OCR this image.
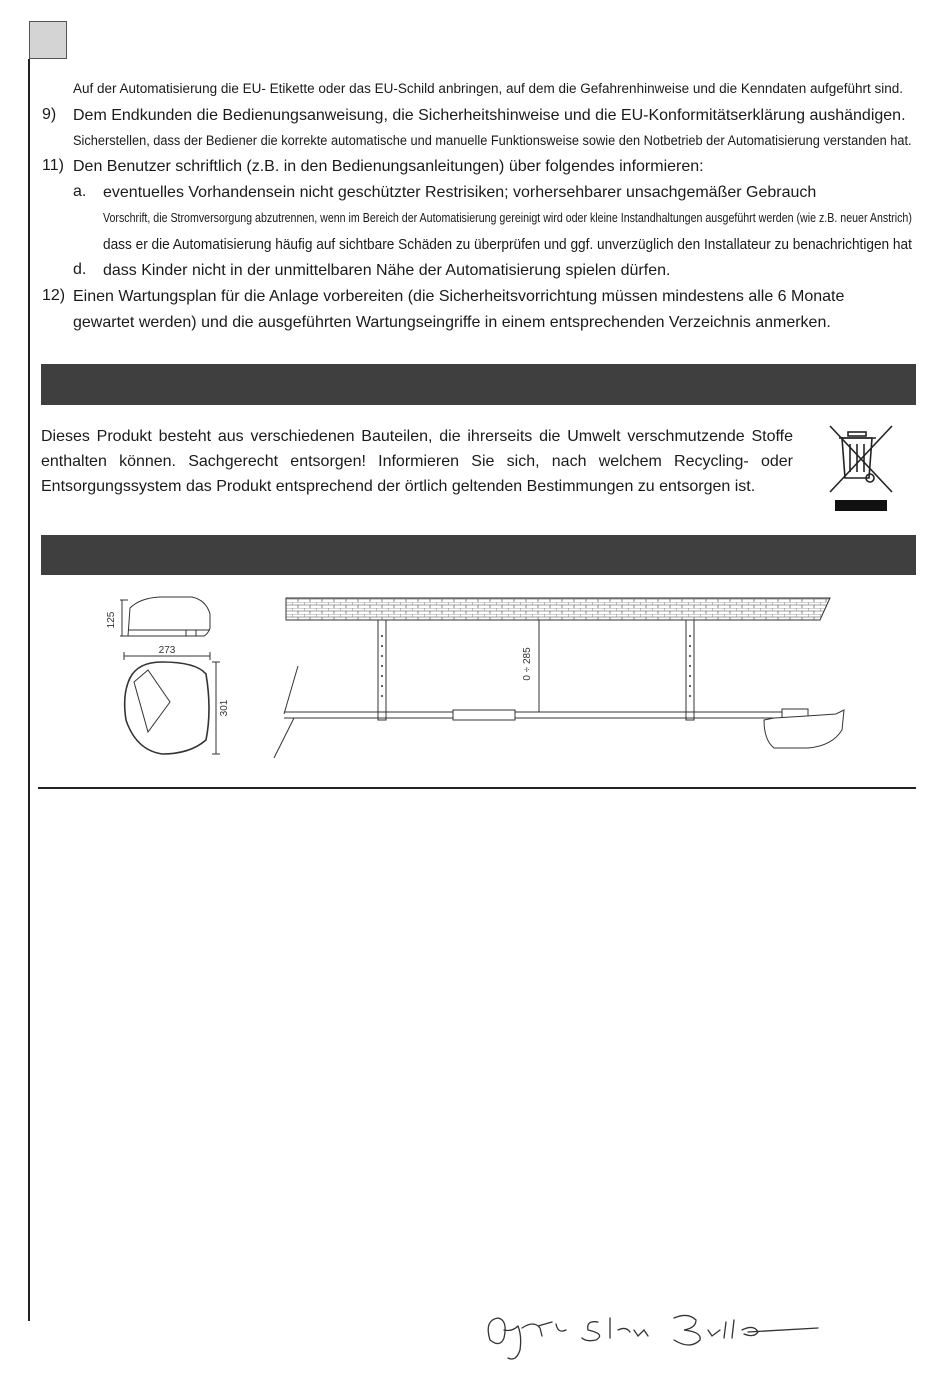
Auf der Automatisierung die EU- Etikette oder das EU-Schild anbringen, auf dem die Gefahrenhinweise und die Kenndaten aufgeführt sind.
9) Dem Endkunden die Bedienungsanweisung, die Sicherheitshinweise und die EU-Konformitätserklärung aushändigen.
Sicherstellen, dass der Bediener die korrekte automatische und manuelle Funktionsweise sowie den Notbetrieb der Automatisierung verstanden hat.
11) Den Benutzer schriftlich (z.B. in den Bedienungsanleitungen) über folgendes informieren:
a. eventuelles Vorhandensein nicht geschützter Restrisiken; vorhersehbarer unsachgemäßer Gebrauch
Vorschrift, die Stromversorgung abzutrennen, wenn im Bereich der Automatisierung gereinigt wird oder kleine Instandhaltungen ausgeführt werden (wie z.B. neuer Anstrich)
dass er die Automatisierung häufig auf sichtbare Schäden zu überprüfen und ggf. unverzüglich den Installateur zu benachrichtigen hat
d. dass Kinder nicht in der unmittelbaren Nähe der Automatisierung spielen dürfen.
12) Einen Wartungsplan für die Anlage vorbereiten (die Sicherheitsvorrichtung müssen mindestens alle 6 Monate
gewartet werden) und die ausgeführten Wartungseingriffe in einem entsprechenden Verzeichnis anmerken.
Dieses Produkt besteht aus verschiedenen Bauteilen, die ihrerseits die Umwelt verschmutzende Stoffe enthalten können. Sachgerecht entsorgen! Informieren Sie sich, nach welchem Recycling- oder Entsorgungssystem das Produkt entsprechend der örtlich geltenden Bestimmungen zu entsorgen ist.
125
273
301
0 ÷ 285
